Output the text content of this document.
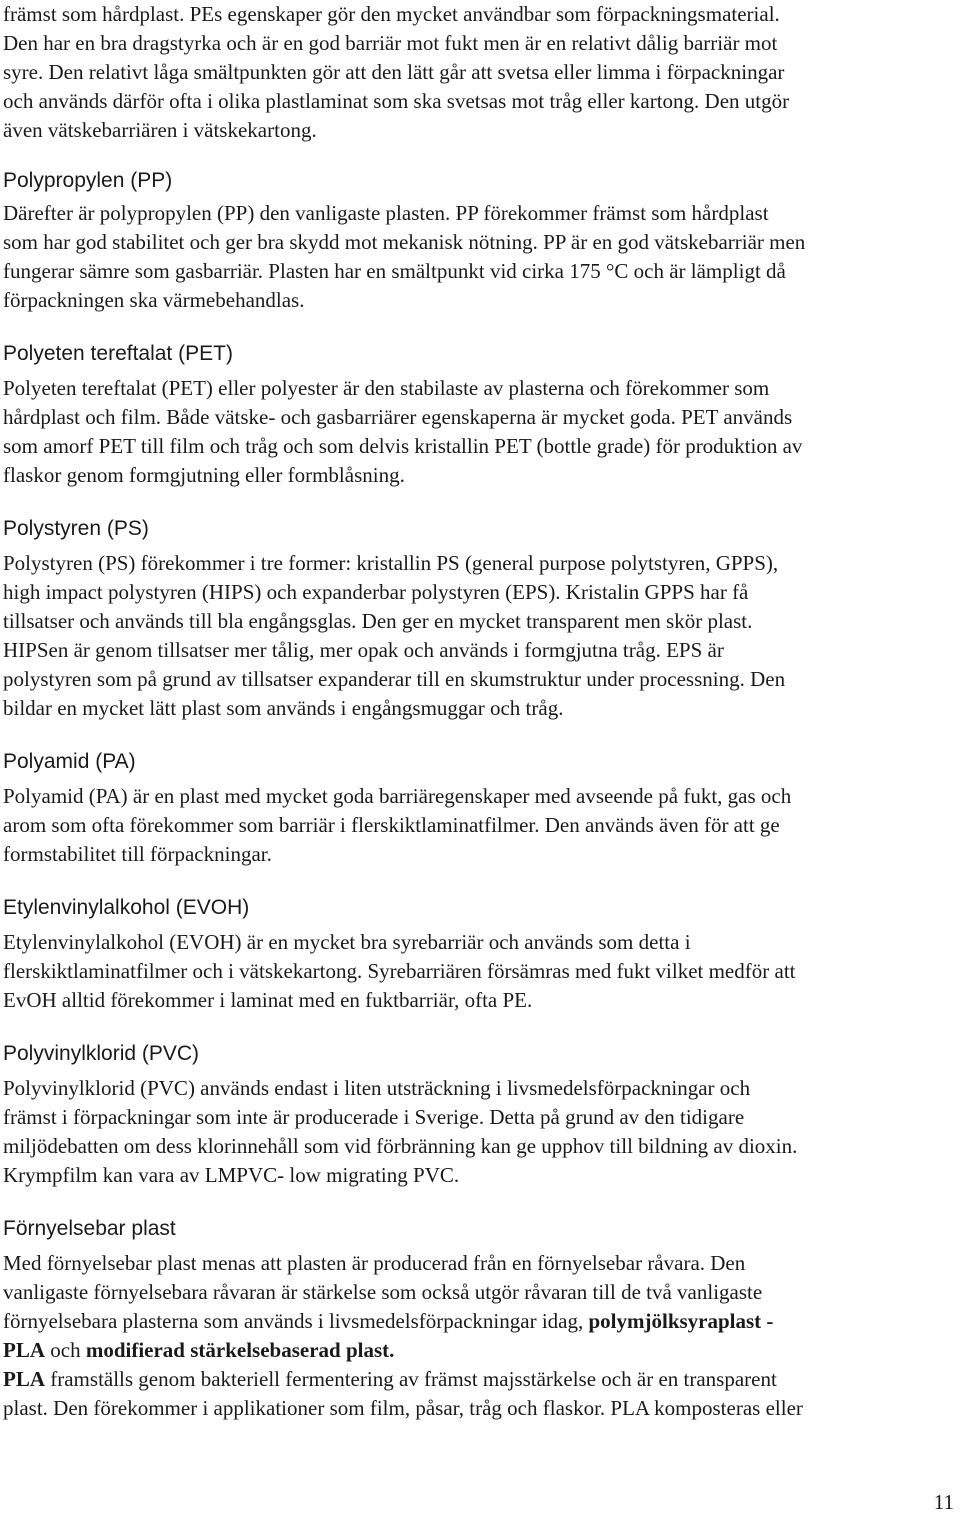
främst som hårdplast. PEs egenskaper gör den mycket användbar som förpackningsmaterial.
Den har en bra dragstyrka och är en god barriär mot fukt men är en relativt dålig barriär mot
syre. Den relativt låga smältpunkten gör att den lätt går att svetsa eller limma i förpackningar
och används därför ofta i olika plastlaminat som ska svetsas mot tråg eller kartong. Den utgör
även vätskebarriären i vätskekartong.
Polypropylen (PP)
Därefter är polypropylen (PP) den vanligaste plasten. PP förekommer främst som hårdplast
som har god stabilitet och ger bra skydd mot mekanisk nötning. PP är en god vätskebarriär men
fungerar sämre som gasbarriär. Plasten har en smältpunkt vid cirka 175 °C och är lämpligt då
förpackningen ska värmebehandlas.
Polyeten tereftalat (PET)
Polyeten tereftalat (PET) eller polyester är den stabilaste av plasterna och förekommer som
hårdplast och film. Både vätske- och gasbarriärer egenskaperna är mycket goda. PET används
som amorf PET till film och tråg och som delvis kristallin PET (bottle grade) för produktion av
flaskor genom formgjutning eller formblåsning.
Polystyren (PS)
Polystyren (PS) förekommer i tre former: kristallin PS (general purpose polytstyren, GPPS),
high impact polystyren (HIPS) och expanderbar polystyren (EPS). Kristalin GPPS har få
tillsatser och används till bla engångsglas. Den ger en mycket transparent men skör plast.
HIPSen är genom tillsatser mer tålig, mer opak och används i formgjutna tråg. EPS är
polystyren som på grund av tillsatser expanderar till en skumstruktur under processning. Den
bildar en mycket lätt plast som används i engångsmuggar och tråg.
Polyamid (PA)
Polyamid (PA) är en plast med mycket goda barriäregenskaper med avseende på fukt, gas och
arom som ofta förekommer som barriär i flerskiktlaminatfilmer. Den används även för att ge
formstabilitet till förpackningar.
Etylenvinylalkohol (EVOH)
Etylenvinylalkohol (EVOH) är en mycket bra syrebarriär och används som detta i
flerskiktlaminatfilmer och i vätskekartong. Syrebarriären försämras med fukt vilket medför att
EvOH alltid förekommer i laminat med en fuktbarriär, ofta PE.
Polyvinylklorid (PVC)
Polyvinylklorid (PVC) används endast i liten utsträckning i livsmedelsförpackningar och
främst i förpackningar som inte är producerade i Sverige. Detta på grund av den tidigare
miljödebatten om dess klorinnehåll som vid förbränning kan ge upphov till bildning av dioxin.
Krympfilm kan vara av LMPVC- low migrating PVC.
Förnyelsebar plast
Med förnyelsebar plast menas att plasten är producerad från en förnyelsebar råvara. Den
vanligaste förnyelsebara råvaran är stärkelse som också utgör råvaran till de två vanligaste
förnyelsebara plasterna som används i livsmedelsförpackningar idag, polymjölksyraplast -
PLA och modifierad stärkelsebaserad plast.
PLA framställs genom bakteriell fermentering av främst majsstärkelse och är en transparent
plast. Den förekommer i applikationer som film, påsar, tråg och flaskor. PLA komposteras eller
11
